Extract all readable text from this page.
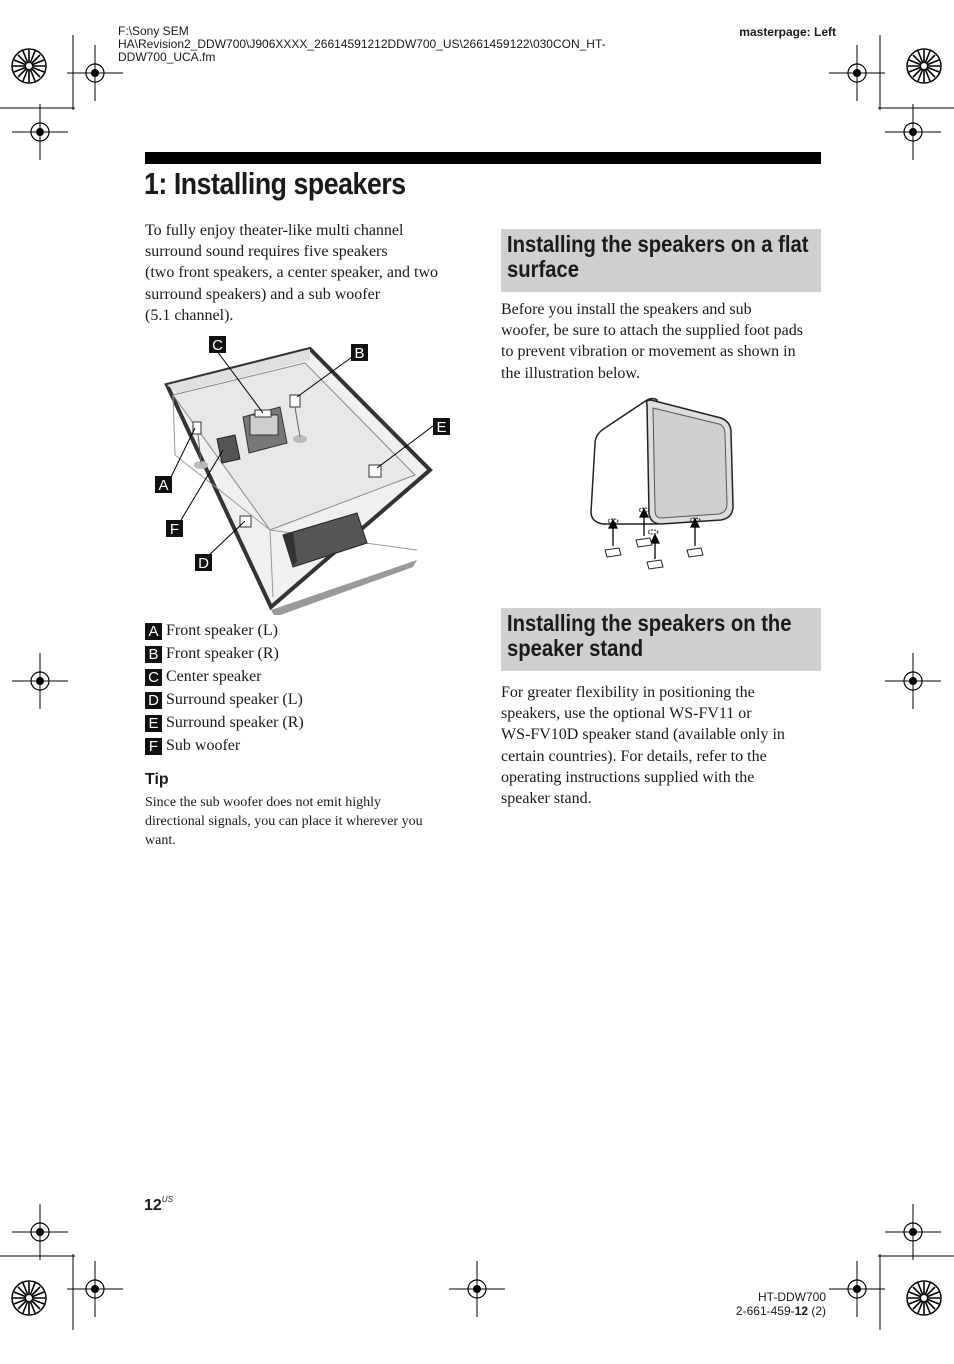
F:\Sony SEM
HA\Revision2_DDW700\J906XXXX_26614591212DDW700_US\2661459122\030CON_HT-
DDW700_UCA.fm
masterpage: Left
1: Installing speakers
To fully enjoy theater-like multi channel
surround sound requires five speakers
(two front speakers, a center speaker, and two
surround speakers) and a sub woofer
(5.1 channel).
C	B
E
A
F
D
A Front speaker (L)
B Front speaker (R)
C Center speaker
D Surround speaker (L)
E Surround speaker (R)
F Sub woofer
Tip
Since the sub woofer does not emit highly
directional signals, you can place it wherever you
want.
Installing the speakers on a flat
surface
Before you install the speakers and sub
woofer, be sure to attach the supplied foot pads
to prevent vibration or movement as shown in
the illustration below.
Installing the speakers on the
speaker stand
For greater flexibility in positioning the
speakers, use the optional WS-FV11 or
WS-FV10D speaker stand (available only in
certain countries). For details, refer to the
operating instructions supplied with the
speaker stand.
$12^{US}$
HT-DDW700
2-661-459-12 (2)
